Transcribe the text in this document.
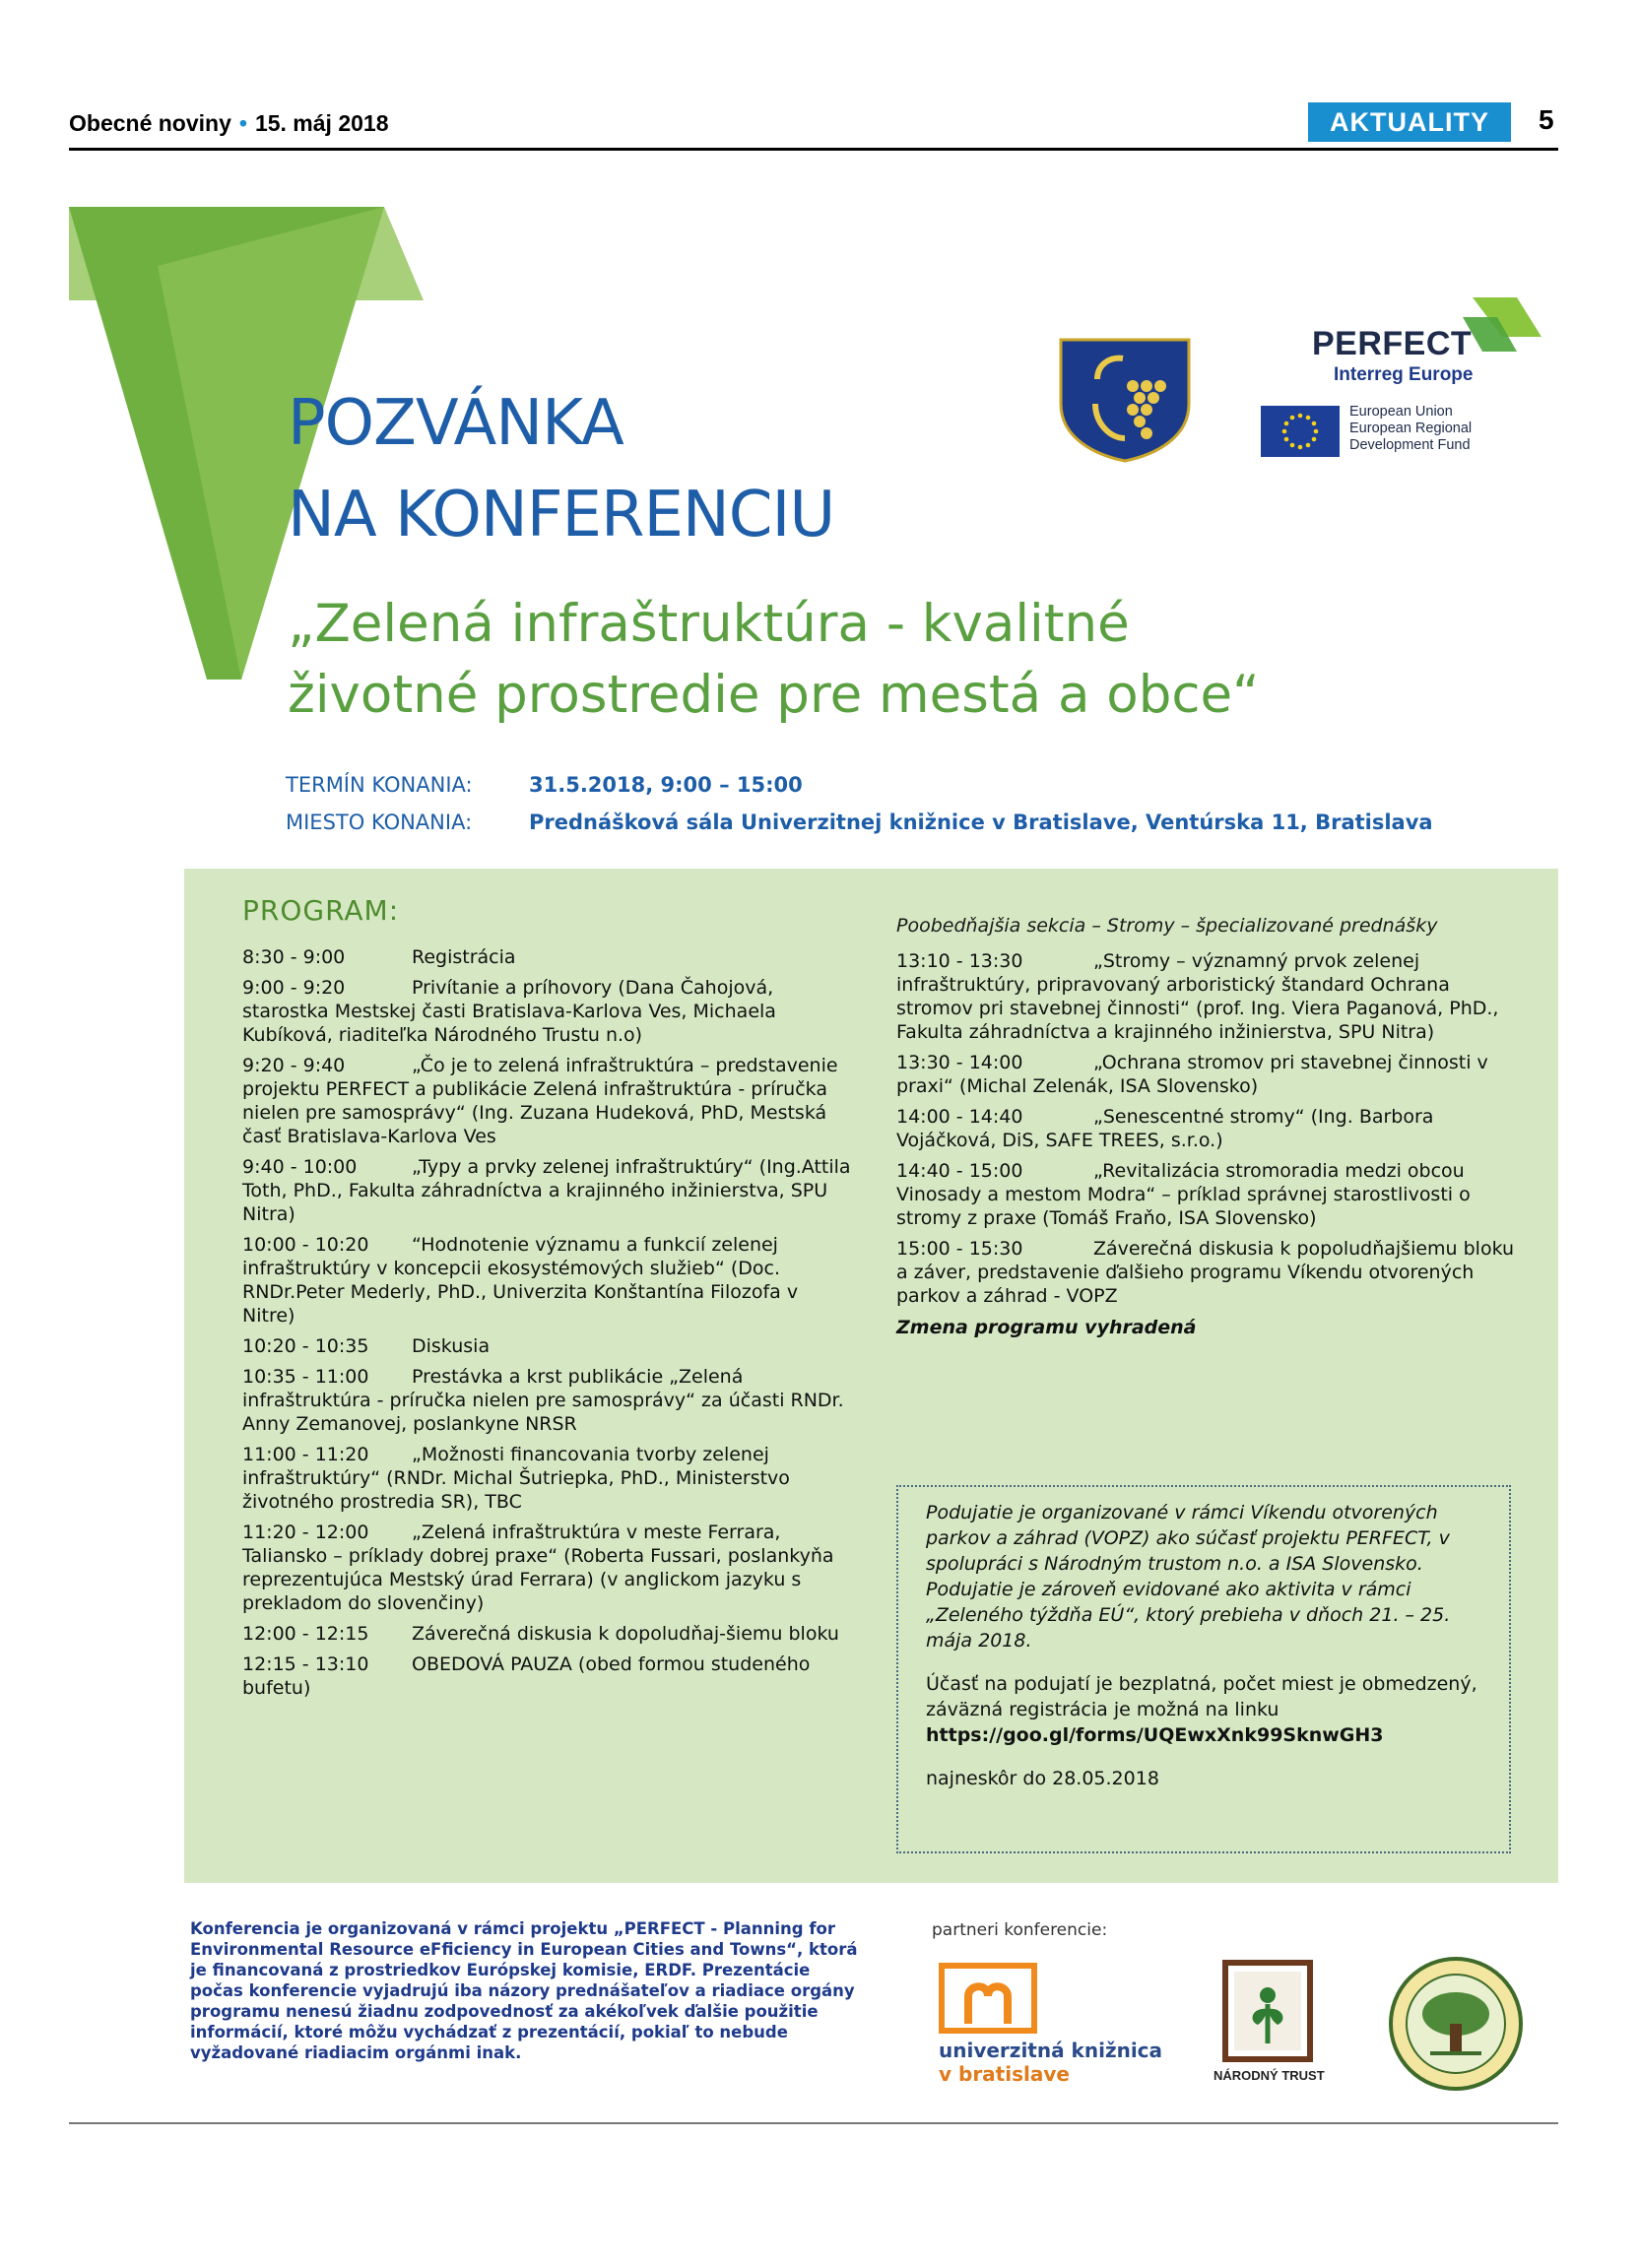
Obecné noviny • 15. máj 2018	AKTUALITY	5
PERFECT
Interreg Europe
European Union
European Regional
Development Fund
POZVÁNKA
NA KONFERENCIU
„Zelená infraštruktúra - kvalitné
životné prostredie pre mestá a obce“
TERMÍN KONANIA:	31.5.2018, 9:00 – 15:00
MIESTO KONANIA:	Prednášková sála Univerzitnej knižnice v Bratislave, Ventúrska 11, Bratislava
PROGRAM:
8:30 - 9:00	Registrácia
9:00 - 9:20	Privítanie a príhovory (Dana Čahojová, starostka Mestskej časti Bratislava-Karlova Ves, Michaela Kubíková, riaditeľka Národného Trustu n.o)
9:20 - 9:40	„Čo je to zelená infraštruktúra – predstavenie projektu PERFECT a publikácie Zelená infraštruktúra - príručka nielen pre samosprávy“ (Ing. Zuzana Hudeková, PhD, Mestská časť Bratislava-Karlova Ves
9:40 - 10:00	„Typy a prvky zelenej infraštruktúry“ (Ing.Attila Toth, PhD., Fakulta záhradníctva a krajinného inžinierstva, SPU Nitra)
10:00 - 10:20 “Hodnotenie významu a funkcií zelenej infraštruktúry v koncepcii ekosystémových služieb“ (Doc. RNDr.Peter Mederly, PhD., Univerzita Konštantína Filozofa v Nitre)
10:20 - 10:35 Diskusia
10:35 - 11:00 Prestávka a krst publikácie „Zelená infraštruktúra - príručka nielen pre samosprávy“ za účasti RNDr. Anny Zemanovej, poslankyne NRSR
11:00 - 11:20 „Možnosti financovania tvorby zelenej infraštruktúry“ (RNDr. Michal Šutriepka, PhD., Ministerstvo životného prostredia SR), TBC
11:20 - 12:00 „Zelená infraštruktúra v meste Ferrara, Taliansko – príklady dobrej praxe“ (Roberta Fussari, poslankyňa reprezentujúca Mestský úrad Ferrara) (v anglickom jazyku s prekladom do slovenčiny)
12:00 - 12:15 Záverečná diskusia k dopoludňaj-šiemu bloku
12:15 - 13:10 OBEDOVÁ PAUZA (obed formou studeného bufetu)
Poobedňajšia sekcia – Stromy – špecializované prednášky
13:10 - 13:30	„Stromy – významný prvok zelenej infraštruktúry, pripravovaný arboristický štandard Ochrana stromov pri stavebnej činnosti“ (prof. Ing. Viera Paganová, PhD., Fakulta záhradníctva a krajinného inžinierstva, SPU Nitra)
13:30 - 14:00	„Ochrana stromov pri stavebnej činnosti v praxi“ (Michal Zelenák, ISA Slovensko)
14:00 - 14:40	„Senescentné stromy“ (Ing. Barbora Vojáčková, DiS, SAFE TREES, s.r.o.)
14:40 - 15:00	„Revitalizácia stromoradia medzi obcou Vinosady a mestom Modra“ – príklad správnej starostlivosti o stromy z praxe (Tomáš Fraňo, ISA Slovensko)
15:00 - 15:30	Záverečná diskusia k popoludňajšiemu bloku a záver, predstavenie ďalšieho programu Víkendu otvorených parkov a záhrad - VOPZ
Zmena programu vyhradená

Podujatie je organizované v rámci Víkendu otvorených parkov a záhrad (VOPZ) ako súčasť projektu PERFECT, v spolupráci s Národným trustom n.o. a ISA Slovensko. Podujatie je zároveň evidované ako aktivita v rámci „Zeleného týždňa EÚ“, ktorý prebieha v dňoch 21. – 25. mája 2018.

Účasť na podujatí je bezplatná, počet miest je obmedzený, záväzná registrácia je možná na linku

https://goo.gl/forms/UQEwxXnk99SknwGH3

najneskôr do 28.05.2018

Konferencia je organizovaná v rámci projektu „PERFECT - Planning for Environmental Resource eFficiency in European Cities and Towns“, ktorá je financovaná z prostriedkov Európskej komisie, ERDF. Prezentácie počas konferencie vyjadrujú iba názory prednášateľov a riadiace orgány programu nenesú žiadnu zodpovednosť za akékoľvek ďalšie použitie informácií, ktoré môžu vychádzať z prezentácií, pokiaľ to nebude vyžadované riadiacim orgánmi inak.
partneri konferencie:
univerzitná knižnica
v bratislave	NÁRODNÝ TRUST
